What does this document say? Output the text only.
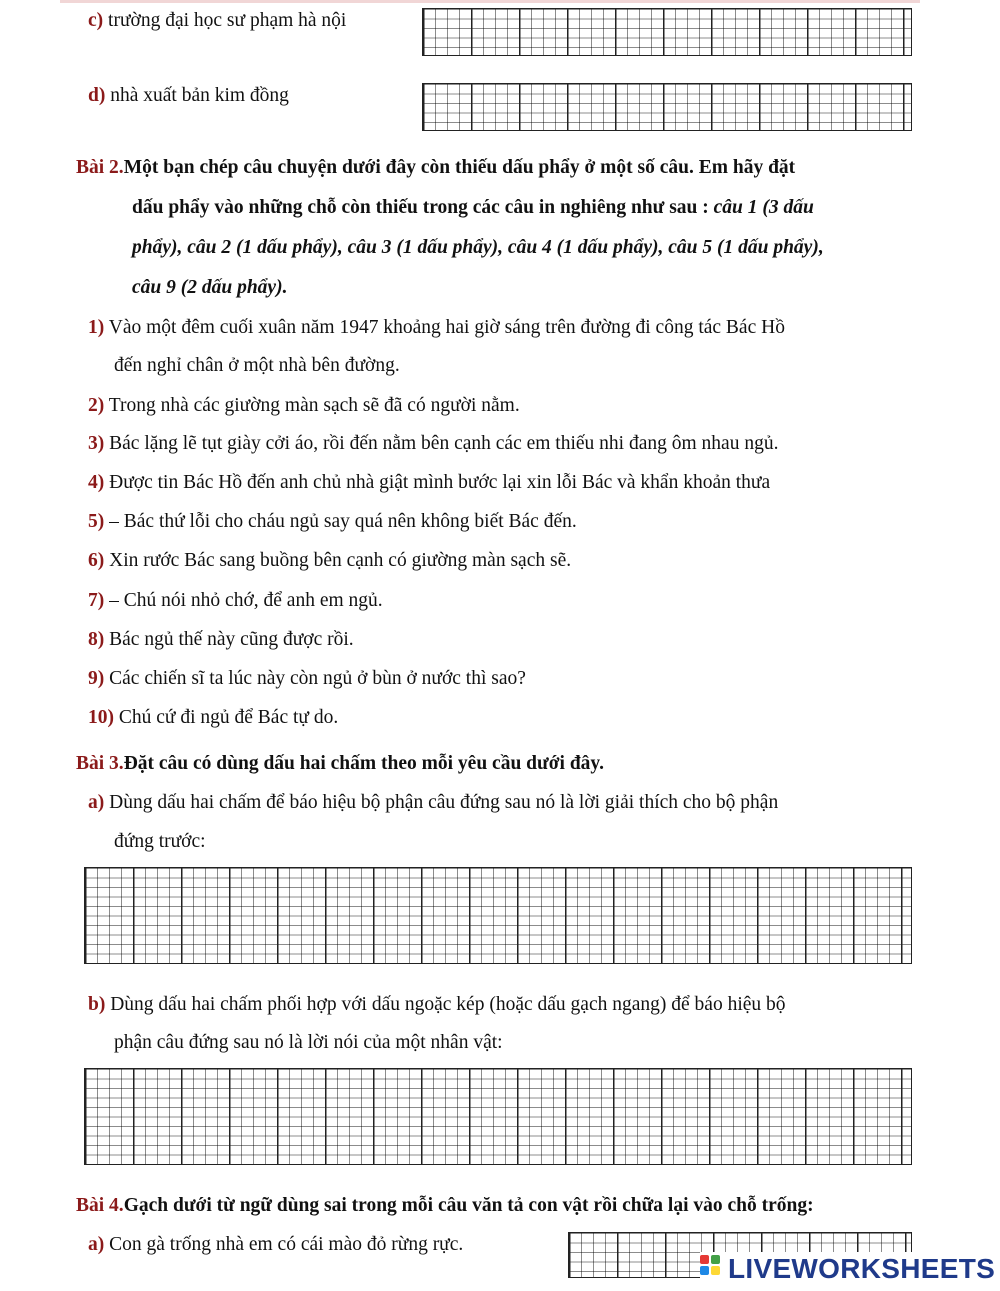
c) trường đại học sư phạm hà nội
d) nhà xuất bản kim đồng
Bài 2.Một bạn chép câu chuyện dưới đây còn thiếu dấu phẩy ở một số câu. Em hãy đặt
dấu phẩy vào những chỗ còn thiếu trong các câu in nghiêng như sau : câu 1 (3 dấu
phẩy), câu 2 (1 dấu phẩy), câu 3 (1 dấu phẩy), câu 4 (1 dấu phẩy), câu 5 (1 dấu phẩy),
câu 9 (2 dấu phẩy).
1) Vào một đêm cuối xuân năm 1947 khoảng hai giờ sáng trên đường đi công tác Bác Hồ
đến nghỉ chân ở một nhà bên đường.
2) Trong nhà các giường màn sạch sẽ đã có người nằm.
3) Bác lặng lẽ tụt giày cởi áo, rồi đến nằm bên cạnh các em thiếu nhi đang ôm nhau ngủ.
4) Được tin Bác Hồ đến anh chủ nhà giật mình bước lại xin lỗi Bác và khẩn khoản thưa
5) – Bác thứ lỗi cho cháu ngủ say quá nên không biết Bác đến.
6) Xin rước Bác sang buồng bên cạnh có giường màn sạch sẽ.
7) – Chú nói nhỏ chớ, để anh em ngủ.
8) Bác ngủ thế này cũng được rồi.
9) Các chiến sĩ ta lúc này còn ngủ ở bùn ở nước thì sao?
10) Chú cứ đi ngủ để Bác tự do.
Bài 3.Đặt câu có dùng dấu hai chấm theo mỗi yêu cầu dưới đây.
a) Dùng dấu hai chấm để báo hiệu bộ phận câu đứng sau nó là lời giải thích cho bộ phận
đứng trước:
b) Dùng dấu hai chấm phối hợp với dấu ngoặc kép (hoặc dấu gạch ngang) để báo hiệu bộ
phận câu đứng sau nó là lời nói của một nhân vật:
Bài 4.Gạch dưới từ ngữ dùng sai trong mỗi câu văn tả con vật rồi chữa lại vào chỗ trống:
a) Con gà trống nhà em có cái mào đỏ rừng rực.
LIVEWORKSHEETS
